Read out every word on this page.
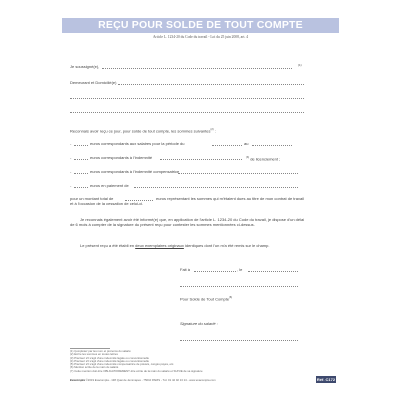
REÇU POUR SOLDE DE TOUT COMPTE
Article L. 1234-20 du Code du travail - Loi du 25 juin 2008, art. 4
Je soussigné(e),	(1)
Demeurant et Domicilié(e)
Reconnais avoir reçu ce jour, pour solde de tout compte, les sommes suivantes$^{(2)}$ :
-	euros correspondants aux salaires pour la période du	au
-	euros correspondants à l'indemnité	$^{(3)}$ de licenciement ;
-	euros correspondants à l'indemnité compensatrice
-	euros en paiement de
pour un montant total de	euros représentant les sommes qui m'étaient dues au titre de mon contrat de travail et à l'occasion de la cessation de celui-ci.
Je reconnais également avoir été informé(e) que, en application de l'article L. 1234-20 du Code du travail, je dispose d'un délai de 6 mois à compter de la signature du présent reçu pour contester les sommes mentionnées ci-dessus.
Le présent reçu a été établi en deux exemplaires originaux identiques dont l'un m'a été remis sur le champ.
Fait à	, le
Pour Solde de Tout Compte$^{(6)}$
Signature du salarié :
(1) Complétez par les nom et prénoms du salarié
(2) Écrire les sommes en toutes lettres
(3) Précisez s'il s'agit d'une indemnité légale ou conventionnelle
(4) Précisez s'il s'agit d'une indemnité légale ou conventionnelle
(5) Précisez s'il s'agit d'une indemnité compensatrice de préavis, congés payés, etc.
(6) Mention écrite de la main du salarié
(7) Cette mention doit être OBLIGATOIREMENT être écrite de la main du salarié et SUIVIE de sa signature
Exacompta ©2019 Exacompta - 138 Quai de Jemmapes - 75010 PARIS - Tél. 01 42 02 13 14 - www.exacompta.com	Réf. C172
